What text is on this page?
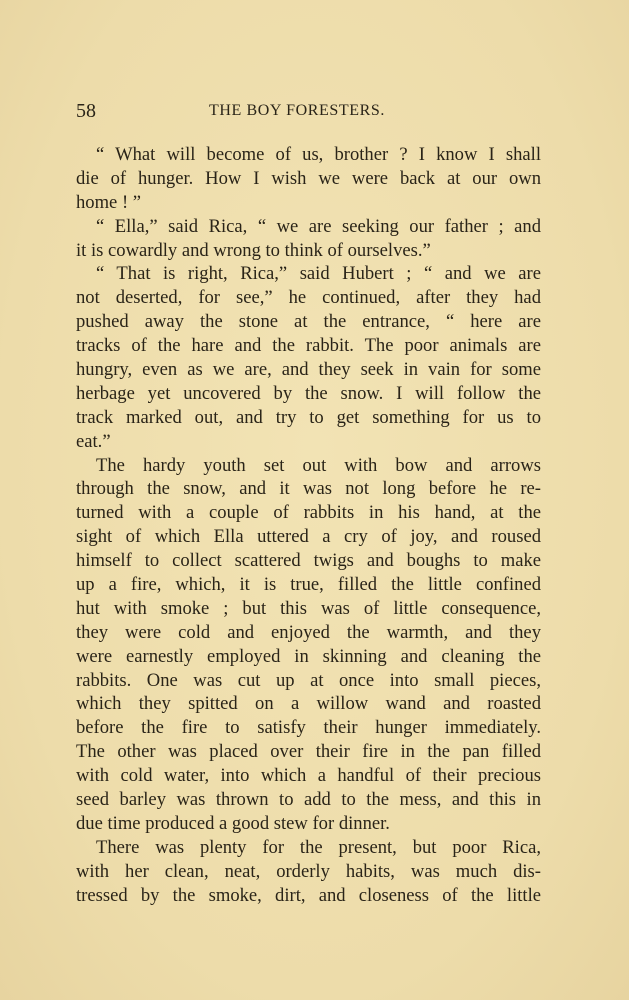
58	THE BOY FORESTERS.
“ What will become of us, brother ? I know I shall
die of hunger. How I wish we were back at our own
home ! ”
“ Ella,” said Rica, “ we are seeking our father ; and
it is cowardly and wrong to think of ourselves.”
“ That is right, Rica,” said Hubert ; “ and we are
not deserted, for see,” he continued, after they had
pushed away the stone at the entrance, “ here are
tracks of the hare and the rabbit. The poor animals are
hungry, even as we are, and they seek in vain for some
herbage yet uncovered by the snow. I will follow the
track marked out, and try to get something for us to
eat.”
The hardy youth set out with bow and arrows
through the snow, and it was not long before he re-
turned with a couple of rabbits in his hand, at the
sight of which Ella uttered a cry of joy, and roused
himself to collect scattered twigs and boughs to make
up a fire, which, it is true, filled the little confined
hut with smoke ; but this was of little consequence,
they were cold and enjoyed the warmth, and they
were earnestly employed in skinning and cleaning the
rabbits. One was cut up at once into small pieces,
which they spitted on a willow wand and roasted
before the fire to satisfy their hunger immediately.
The other was placed over their fire in the pan filled
with cold water, into which a handful of their precious
seed barley was thrown to add to the mess, and this in
due time produced a good stew for dinner.
There was plenty for the present, but poor Rica,
with her clean, neat, orderly habits, was much dis-
tressed by the smoke, dirt, and closeness of the little
